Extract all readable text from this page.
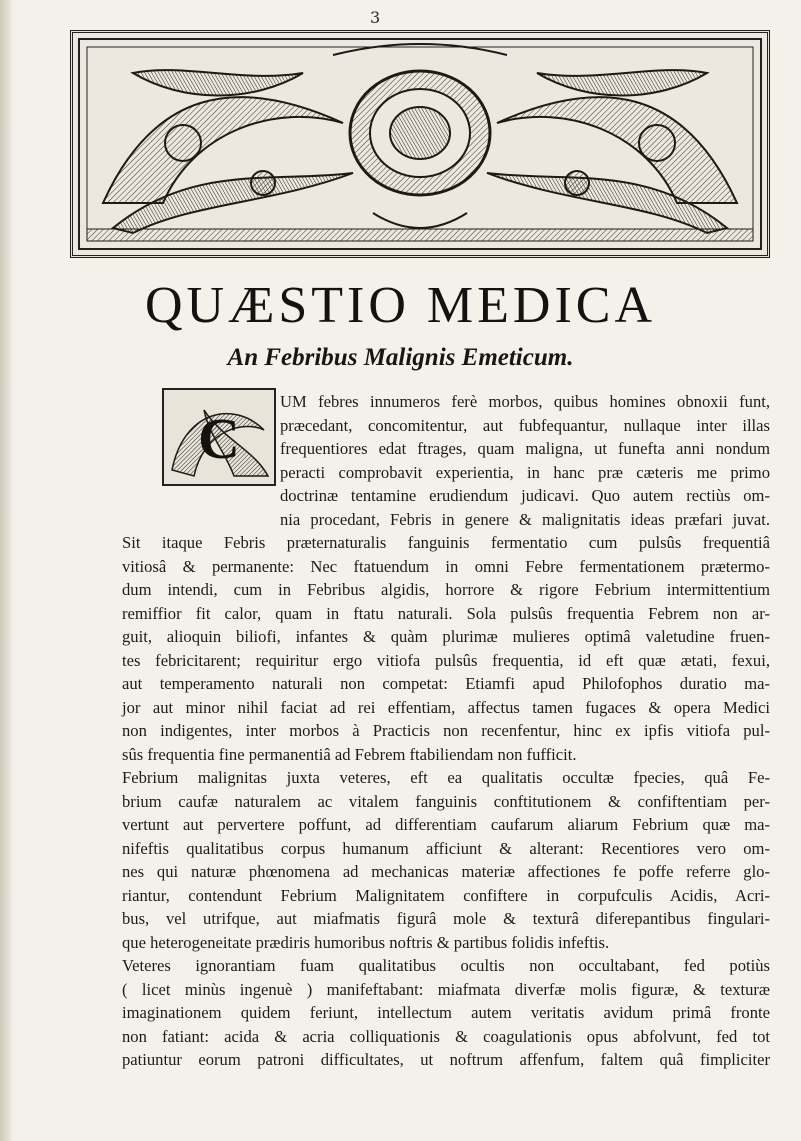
3
QUÆSTIO MEDICA
An Febribus Malignis Emeticum.
C
UM febres innumeros ferè morbos, quibus homines obnoxii funt,
præcedant, concomitentur, aut fubfequantur, nullaque inter illas
frequentiores edat ftrages, quam maligna, ut funefta anni nondum
peracti comprobavit experientia, in hanc præ cæteris me primo
doctrinæ tentamine erudiendum judicavi. Quo autem rectiùs om-
nia procedant, Febris in genere & malignitatis ideas præfari juvat.
Sit itaque Febris præternaturalis fanguinis fermentatio cum pulsûs frequentiâ
vitiosâ & permanente: Nec ftatuendum in omni Febre fermentationem prætermo-
dum intendi, cum in Febribus algidis, horrore & rigore Febrium intermittentium
remiffior fit calor, quam in ftatu naturali. Sola pulsûs frequentia Febrem non ar-
guit, alioquin biliofi, infantes & quàm plurimæ mulieres optimâ valetudine fruen-
tes febricitarent; requiritur ergo vitiofa pulsûs frequentia, id eft quæ ætati, fexui,
aut temperamento naturali non competat: Etiamfi apud Philofophos duratio ma-
jor aut minor nihil faciat ad rei effentiam, affectus tamen fugaces & opera Medici
non indigentes, inter morbos à Practicis non recenfentur, hinc ex ipfis vitiofa pul-
sûs frequentia fine permanentiâ ad Febrem ftabiliendam non fufficit.
Febrium malignitas juxta veteres, eft ea qualitatis occultæ fpecies, quâ Fe-
brium caufæ naturalem ac vitalem fanguinis conftitutionem & confiftentiam per-
vertunt aut pervertere poffunt, ad differentiam caufarum aliarum Febrium quæ ma-
nifeftis qualitatibus corpus humanum afficiunt & alterant: Recentiores vero om-
nes qui naturæ phœnomena ad mechanicas materiæ affectiones fe poffe referre glo-
riantur, contendunt Febrium Malignitatem confiftere in corpufculis Acidis, Acri-
bus, vel utrifque, aut miafmatis figurâ mole & texturâ diferepantibus fingulari-
que heterogeneitate prædiris humoribus noftris & partibus folidis infeftis.
Veteres ignorantiam fuam qualitatibus ocultis non occultabant, fed potiùs
( licet minùs ingenuè ) manifeftabant: miafmata diverfæ molis figuræ, & texturæ
imaginationem quidem feriunt, intellectum autem veritatis avidum primâ fronte
non fatiant: acida & acria colliquationis & coagulationis opus abfolvunt, fed tot
patiuntur eorum patroni difficultates, ut noftrum affenfum, faltem quâ fimpliciter
